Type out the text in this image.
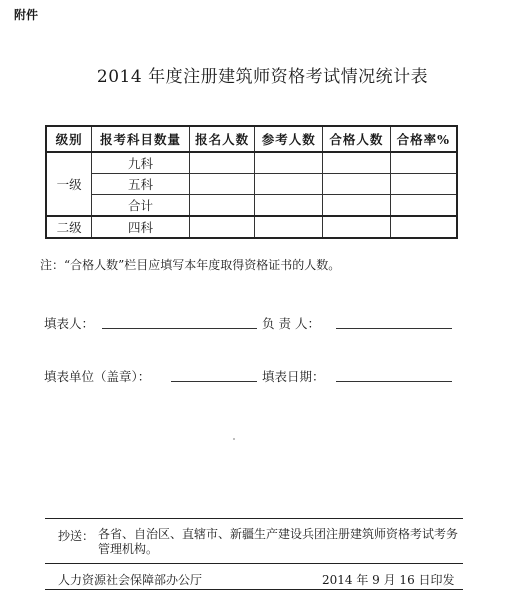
附件
2014 年度注册建筑师资格考试情况统计表
级别	报考科目数量	报名人数	参考人数	合格人数	合格率%
一级	九科				
	五科				
	合计				
二级	四科				
注：“合格人数”栏目应填写本年度取得资格证书的人数。
填表人：	负 责 人：
填表单位（盖章）：	填表日期：
抄送： 各省、自治区、直辖市、新疆生产建设兵团注册建筑师资格考试考务管理机构。
人力资源社会保障部办公厅	2014 年 9 月 16 日印发
